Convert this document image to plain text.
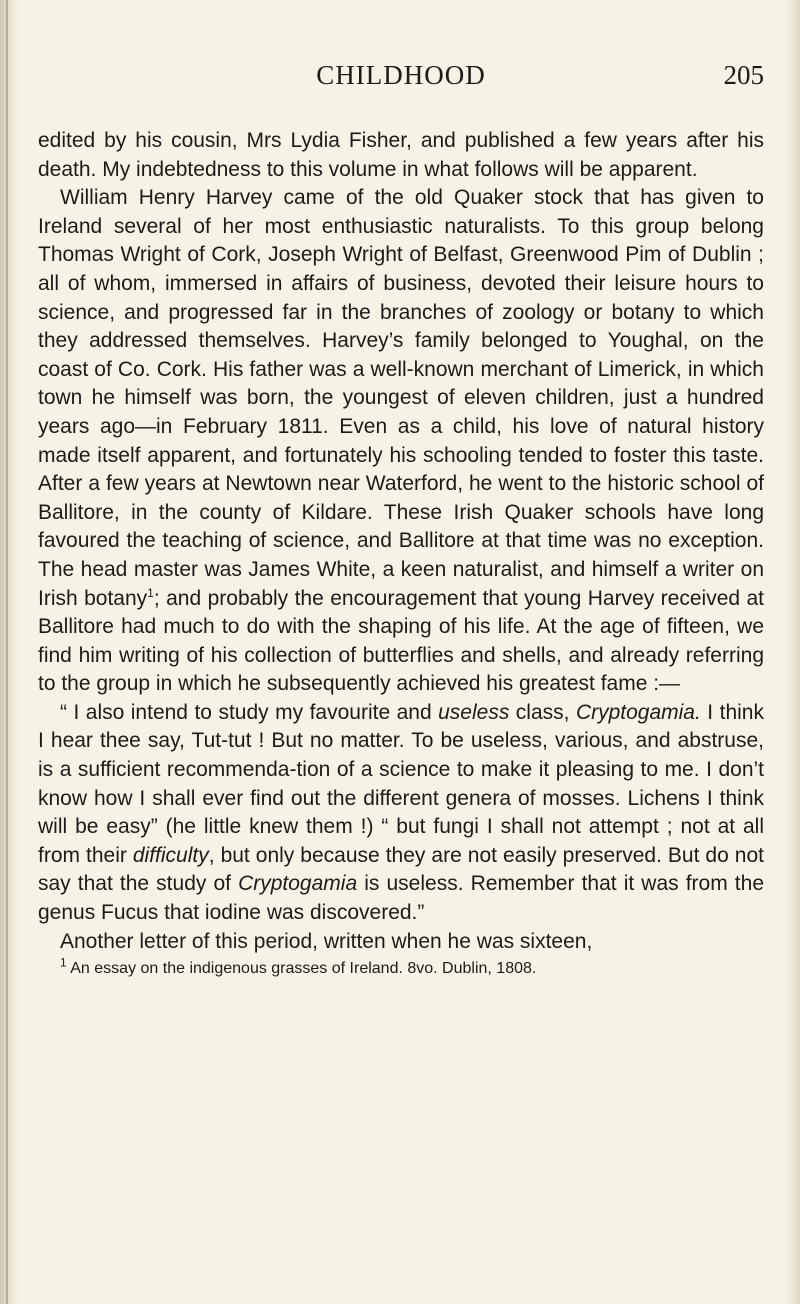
CHILDHOOD	205

edited by his cousin, Mrs Lydia Fisher, and published a few years after his death. My indebtedness to this volume in what follows will be apparent.

William Henry Harvey came of the old Quaker stock that has given to Ireland several of her most enthusiastic naturalists. To this group belong Thomas Wright of Cork, Joseph Wright of Belfast, Greenwood Pim of Dublin ; all of whom, immersed in affairs of business, devoted their leisure hours to science, and progressed far in the branches of zoology or botany to which they addressed themselves. Harvey’s family belonged to Youghal, on the coast of Co. Cork. His father was a well-known merchant of Limerick, in which town he himself was born, the youngest of eleven children, just a hundred years ago—in February 1811. Even as a child, his love of natural history made itself apparent, and fortunately his schooling tended to foster this taste. After a few years at Newtown near Waterford, he went to the historic school of Ballitore, in the county of Kildare. These Irish Quaker schools have long favoured the teaching of science, and Ballitore at that time was no exception. The head master was James White, a keen naturalist, and himself a writer on Irish botany$^1$; and probably the encouragement that young Harvey received at Ballitore had much to do with the shaping of his life. At the age of fifteen, we find him writing of his collection of butterflies and shells, and already referring to the group in which he subsequently achieved his greatest fame :—

“ I also intend to study my favourite and useless class, Cryptogamia. I think I hear thee say, Tut-tut ! But no matter. To be useless, various, and abstruse, is a sufficient recommenda-tion of a science to make it pleasing to me. I don’t know how I shall ever find out the different genera of mosses. Lichens I think will be easy” (he little knew them !) “ but fungi I shall not attempt ; not at all from their difficulty, but only because they are not easily preserved. But do not say that the study of Cryptogamia is useless. Remember that it was from the genus Fucus that iodine was discovered.”

Another letter of this period, written when he was sixteen,

$^1$ An essay on the indigenous grasses of Ireland. 8vo. Dublin, 1808.
